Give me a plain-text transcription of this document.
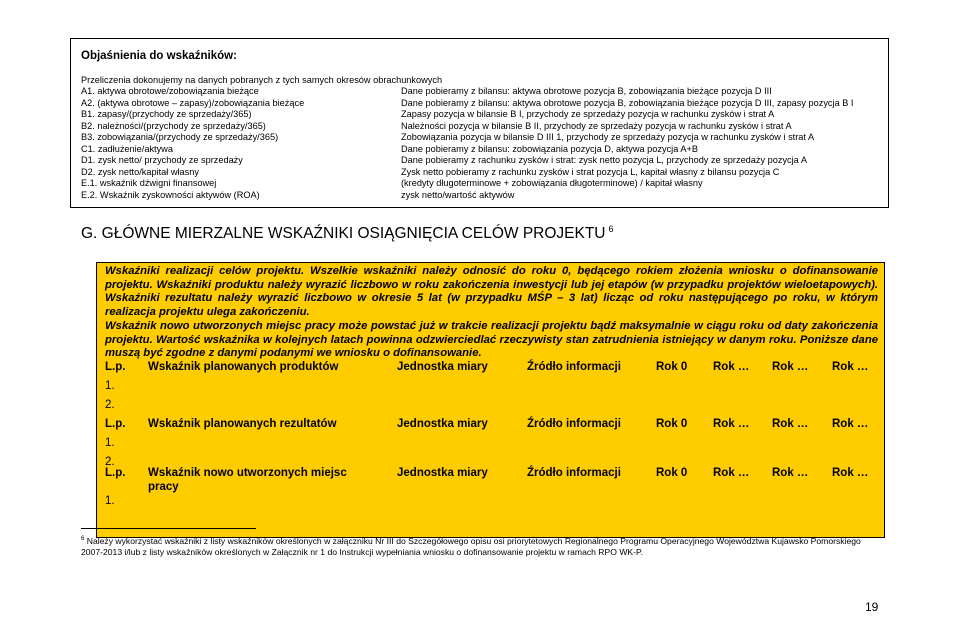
Objaśnienia do wskaźników:
Przeliczenia dokonujemy na danych pobranych z tych samych okresów obrachunkowych
A1. aktywa obrotowe/zobowiązania bieżące	Dane pobieramy z bilansu: aktywa obrotowe pozycja B, zobowiązania bieżące pozycja D III
A2. (aktywa obrotowe – zapasy)/zobowiązania bieżące	Dane pobieramy z bilansu: aktywa obrotowe pozycja B, zobowiązania bieżące pozycja D III, zapasy pozycja B I
B1. zapasy/(przychody ze sprzedaży/365)	Zapasy pozycja w bilansie B I, przychody ze sprzedaży pozycja w rachunku zysków i strat A
B2. należności/(przychody ze sprzedaży/365)	Należności pozycja w bilansie B II, przychody ze sprzedaży pozycja w rachunku zysków i strat A
B3. zobowiązania/(przychody ze sprzedaży/365)	Zobowiązania pozycja w bilansie D III 1, przychody ze sprzedaży pozycja w rachunku zysków i strat A
C1. zadłużenie/aktywa	Dane pobieramy z bilansu: zobowiązania pozycja D, aktywa pozycja A+B
D1. zysk netto/ przychody ze sprzedaży	Dane pobieramy z rachunku zysków i strat: zysk netto pozycja L, przychody ze sprzedaży pozycja A
D2. zysk netto/kapitał własny	Zysk netto pobieramy z rachunku zysków i strat pozycja L, kapitał własny z bilansu pozycja C
E.1. wskaźnik dźwigni finansowej	(kredyty długoterminowe + zobowiązania długoterminowe) / kapitał własny
E.2. Wskaźnik zyskowności aktywów (ROA)	zysk netto/wartość aktywów
G. GŁÓWNE MIERZALNE WSKAŹNIKI OSIĄGNIĘCIA CELÓW PROJEKTU $^6$

Wskaźniki realizacji celów projektu. Wszelkie wskaźniki należy odnosić do roku 0, będącego rokiem złożenia wniosku o dofinansowanie projektu. Wskaźniki produktu należy wyrazić liczbowo w roku zakończenia inwestycji lub jej etapów (w przypadku projektów wieloetapowych). Wskaźniki rezultatu należy wyrazić liczbowo w okresie 5 lat (w przypadku MŚP – 3 lat) licząc od roku następującego po roku, w którym realizacja projektu ulega zakończeniu.

Wskaźnik nowo utworzonych miejsc pracy może powstać już w trakcie realizacji projektu bądź maksymalnie w ciągu roku od daty zakończenia projektu. Wartość wskaźnika w kolejnych latach powinna odzwierciedlać rzeczywisty stan zatrudnienia istniejący w danym roku. Poniższe dane muszą być zgodne z danymi podanymi we wniosku o dofinansowanie.

L.p. Wskaźnik planowanych produktów	Jednostka miary	Źródło informacji	Rok 0 Rok … Rok … Rok …
1.
2.
L.p. Wskaźnik planowanych rezultatów	Jednostka miary	Źródło informacji	Rok 0 Rok … Rok … Rok …
1.
2.
L.p. Wskaźnik nowo utworzonych miejsc pracy
Jednostka miary	Źródło informacji	Rok 0 Rok … Rok … Rok …
1.
$^6$ Należy wykorzystać wskaźniki z listy wskaźników określonych w załączniku Nr III do Szczegółowego opisu osi priorytetowych Regionalnego Programu Operacyjnego Województwa Kujawsko Pomorskiego 2007-2013 i/lub z listy wskaźników określonych w Załącznik nr 1 do Instrukcji wypełniania wniosku o dofinansowanie projektu w ramach RPO WK-P.
19
